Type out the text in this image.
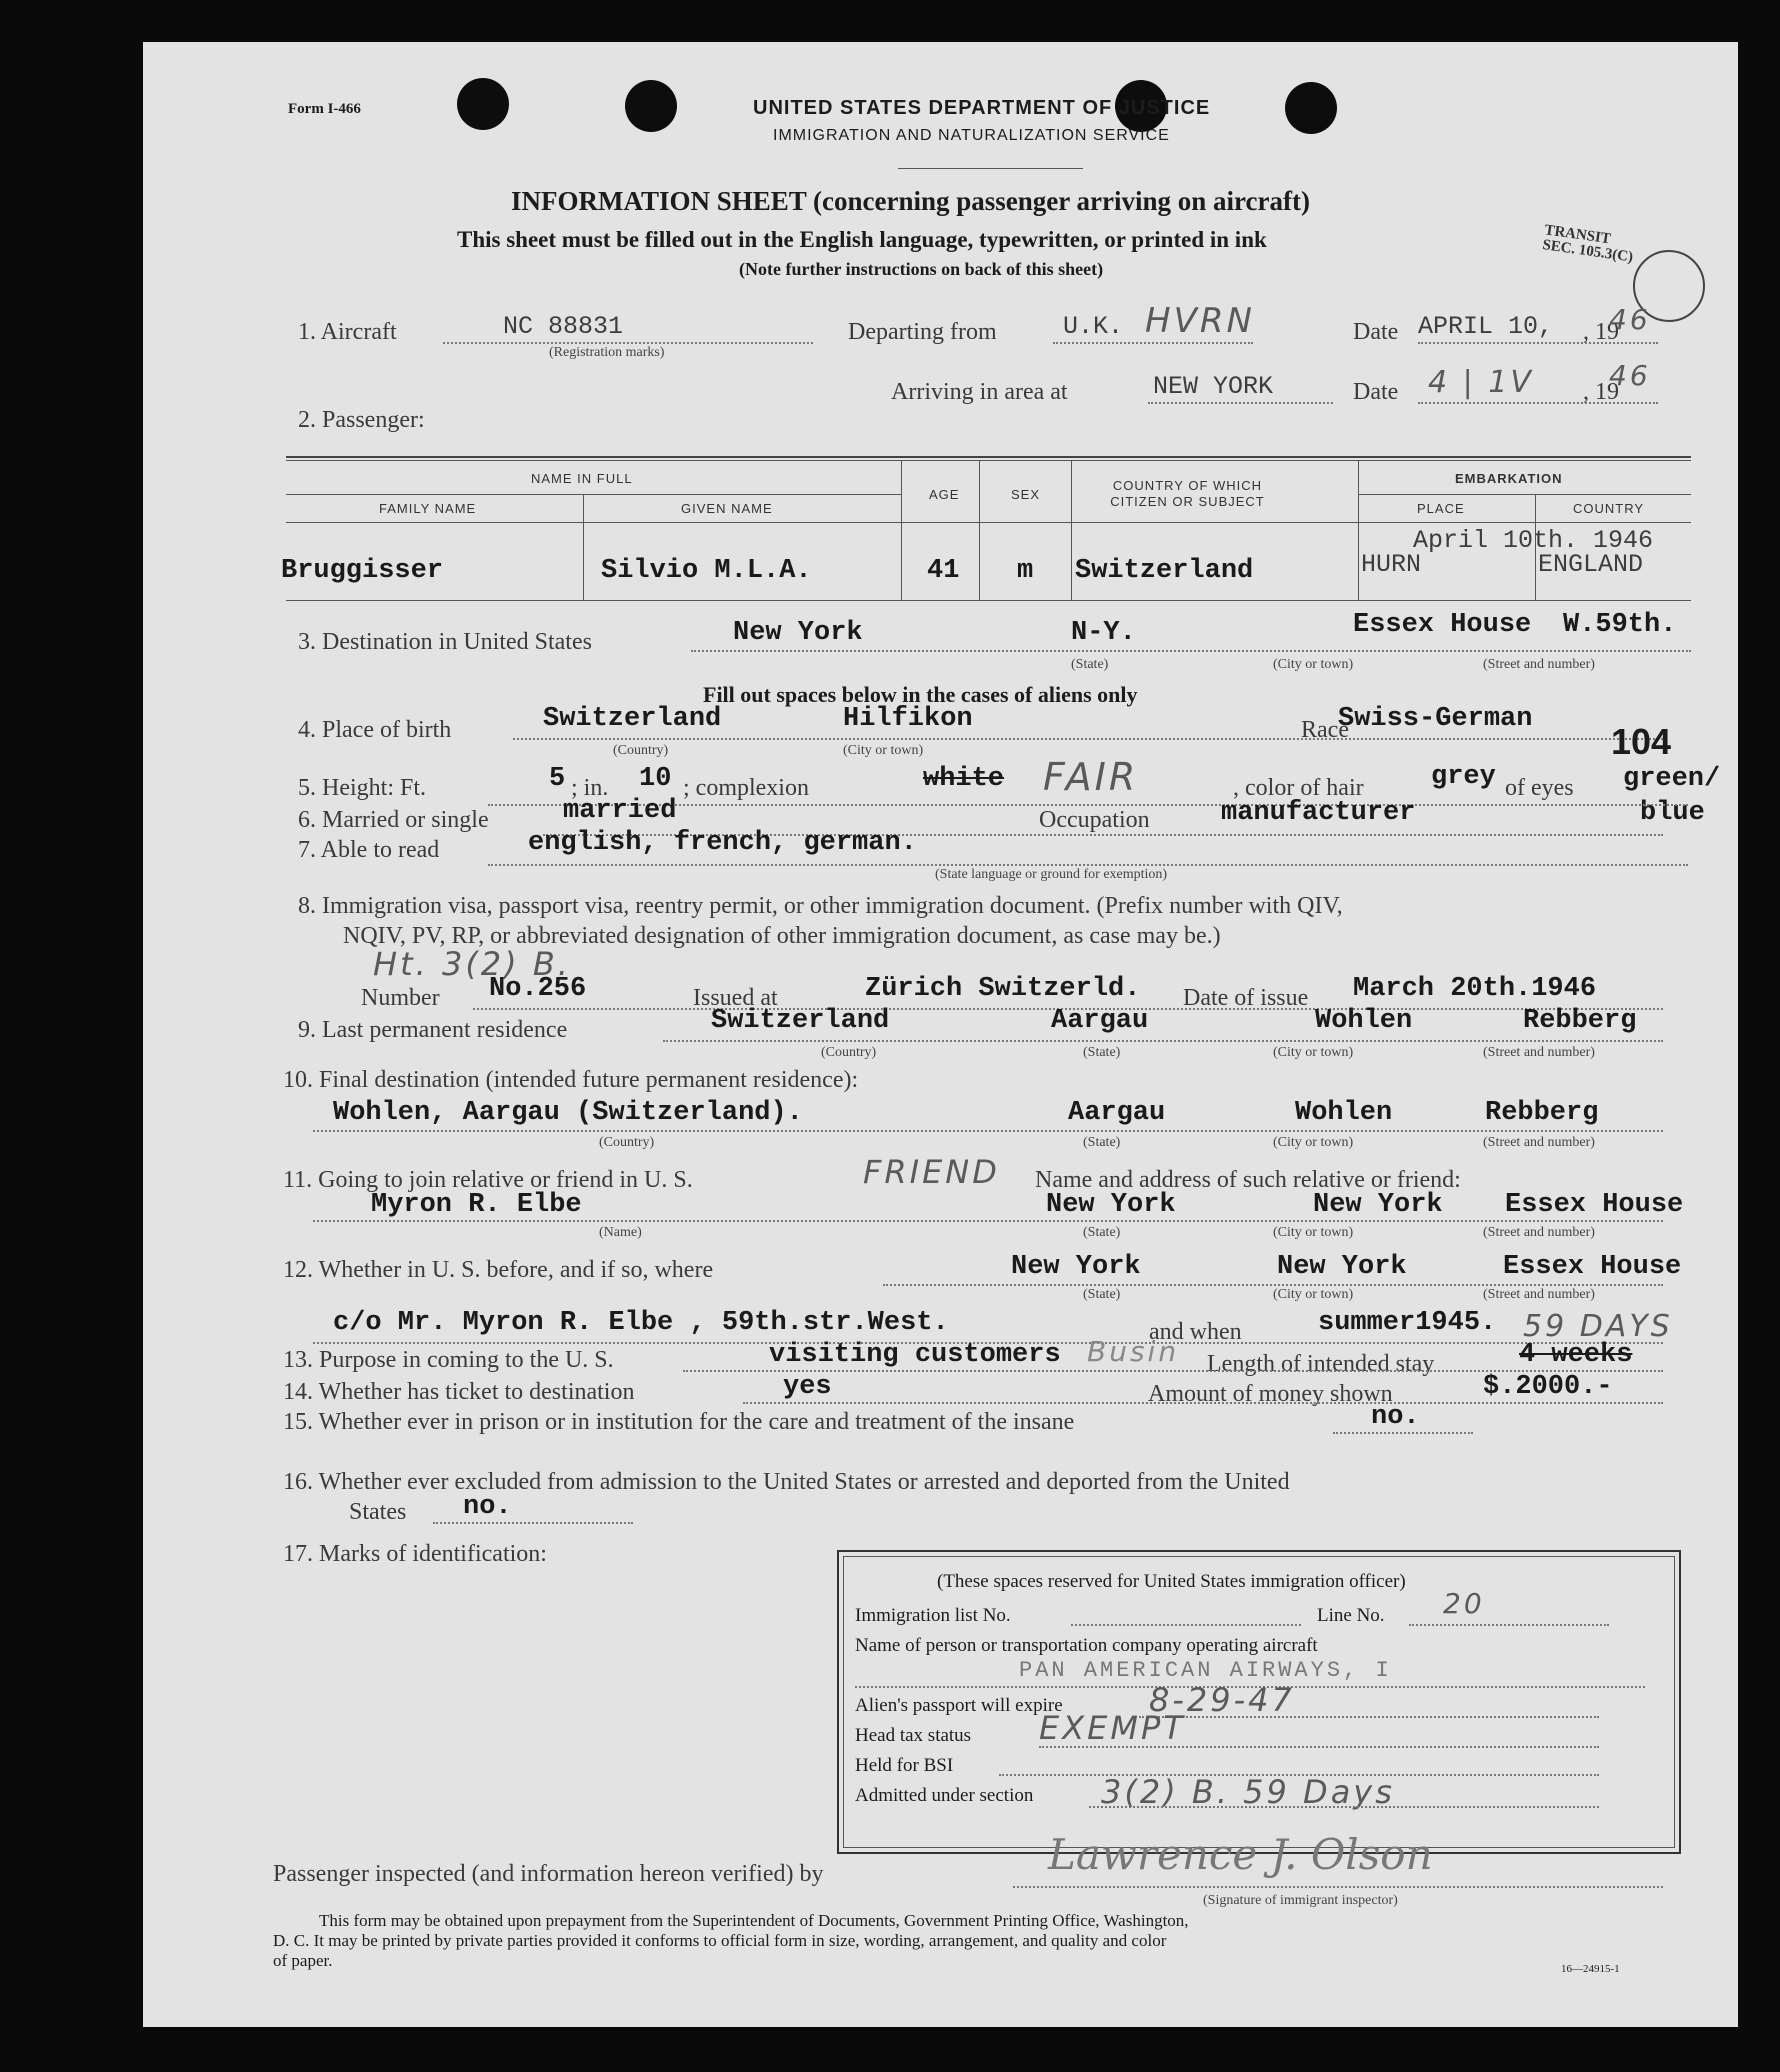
Form I-466	UNITED STATES DEPARTMENT OF JUSTICE
IMMIGRATION AND NATURALIZATION SERVICE
INFORMATION SHEET (concerning passenger arriving on aircraft)
This sheet must be filled out in the English language, typewritten, or printed in ink
(Note further instructions on back of this sheet)
TRANSIT SEC. 105.3(C)
1. Aircraft	NC 88831
(Registration marks)
Departing from	U.K. HVRN	Date APRIL 10, , 19
46
Arriving in area at	NEW YORK	Date 4 | 1V , 19
46
2. Passenger:
NAME IN FULL
FAMILY NAME	GIVEN NAME
AGE	SEX
COUNTRY OF WHICH CITIZEN OR SUBJECT
EMBARKATION
PLACE	COUNTRY
Bruggisser	Silvio M.L.A.	41 m Switzerland
April 10th. 1946
HURN	ENGLAND
3. Destination in United States	New York	N-Y.	Essex House W.59th.
(State)	(City or town)	(Street and number)
Fill out spaces below in the cases of aliens only
4. Place of birth	Switzerland	Hilfikon
(Country)	(City or town)
Race
Swiss-German
104
5. Height: Ft.	5 ; in. 10 ; complexion	white FAIR	, color of hair grey of eyes green/
blue
6. Married or single	married	Occupation	manufacturer
7. Able to read	english, french, german.
(State language or ground for exemption)
8. Immigration visa, passport visa, reentry permit, or other immigration document. (Prefix number with QIV,
NQIV, PV, RP, or abbreviated designation of other immigration document, as case may be.)
Ht. 3(2) B.
Number No.256	Issued at	Zürich Switzerld. Date of issue March 20th.1946
9. Last permanent residence	Switzerland	Aargau	Wohlen	Rebberg
(Country)	(State)	(City or town)	(Street and number)
10. Final destination (intended future permanent residence):
Wohlen, Aargau (Switzerland).	Aargau	Wohlen	Rebberg
(Country)	(State)	(City or town)	(Street and number)
11. Going to join relative or friend in U. S.	FRIEND Name and address of such relative or friend:
Myron R. Elbe	New York	New York Essex House
(Name)	(State)	(City or town)	(Street and number)
12. Whether in U. S. before, and if so, where	New York	New York	Essex House
(State)	(City or town)	(Street and number)
c/o Mr. Myron R. Elbe , 59th.str.West.	and when	summer1945.
13. Purpose in coming to the U. S.	visiting customers Busin Length of intended stay	4 weeks
59 DAYS
14. Whether has ticket to destination	yes	Amount of money shown	$.2000.-
15. Whether ever in prison or in institution for the care and treatment of the insane	no.
16. Whether ever excluded from admission to the United States or arrested and deported from the United
States no.
17. Marks of identification:
(These spaces reserved for United States immigration officer)
Immigration list No.	Line No. 20
Name of person or transportation company operating aircraft
PAN AMERICAN AIRWAYS, I
Alien's passport will expire	8-29-47
Head tax status EXEMPT
Held for BSI
Admitted under section 3(2) B. 59 Days
Passenger inspected (and information hereon verified) by	Lawrence J. Olson
(Signature of immigrant inspector)
This form may be obtained upon prepayment from the Superintendent of Documents, Government Printing Office, Washington,
D. C. It may be printed by private parties provided it conforms to official form in size, wording, arrangement, and quality and color
of paper.	16—24915-1
